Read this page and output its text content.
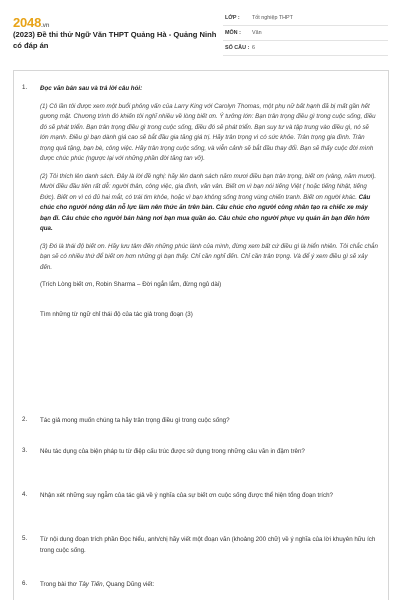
2048.vn
(2023) Đề thi thử Ngữ Văn THPT Quảng Hà - Quảng Ninh có đáp án
LỚP : Tốt nghiệp THPT
MÔN : Văn
SỐ CÂU : 6
1. Đọc văn bản sau và trả lời câu hỏi:
(1) Cô lần tôi được xem một buổi phỏng vấn của Larry King với Carolyn Thomas, một phụ nữ bất hạnh đã bị mất gần hết gương mặt. Chương trình đó khiến tôi nghĩ nhiều về lòng biết ơn. Ý tưởng lớn: Bạn trân trọng điều gì trong cuộc sống, điều đó sẽ phát triển. Bạn trân trọng điều gì trong cuộc sống, điều đó sẽ phát triển. Bạn suy tư và tập trung vào điều gì, nó sẽ lớn mạnh. Điều gì bạn dành giá cao sẽ bắt đầu gia tăng giá trị. Hãy trân trọng vì có sức khỏe. Trân trọng gia đình. Trân trọng quả tặng, bạn bè, công việc. Hãy trân trọng cuộc sống, và viễn cảnh sẽ bắt đầu thay đổi. Bạn sẽ thấy cuộc đời mình được chúc phúc (ngược lại với những phần đời tăng tan vỡ).
(2) Tôi thích lên danh sách. Đây là lời đề nghị: hãy lên danh sách năm mươi điều bạn trân trọng, biết ơn (vâng, năm mươi). Mười điều đầu tiên rất dễ: người thân, công việc, gia đình, văn vân. Biết ơn vì bạn nói tiếng Việt ( hoặc tiếng Nhật, tiếng Đức). Biết ơn vì có đủ hai mắt, có trái tim khỏe, hoặc vì bạn không sống trong vùng chiến tranh. Biết ơn người khác. Câu chúc cho người nông dân nỗ lực làm nên thức ăn trên bàn. Câu chúc cho người công nhân tạo ra chiếc xe máy bạn đi. Câu chúc cho người bán hàng nơi bạn mua quần áo. Câu chúc cho người phục vụ quán ăn bạn đến hôm qua.
(3) Đó là thái độ biết ơn. Hãy lưu tâm đến những phúc lành của mình, đừng xem bất cứ điều gì là hiển nhiên. Tôi chắc chắn bạn sẽ có nhiều thứ để biết ơn hơn những gì bạn thấy. Chỉ cần nghĩ đến. Chỉ cần trân trọng. Và để ý xem điều gì sẽ xảy đến.
(Trích Lòng biết ơn, Robin Sharma – Đời ngắn lắm, đừng ngủ dài)
Tìm những từ ngữ chỉ thái độ của tác giả trong đoạn (3)
2. Tác giả mong muốn chúng ta hãy trân trọng điều gì trong cuộc sống?
3. Nêu tác dụng của biện pháp tu từ điệp cấu trúc được sử dụng trong những câu văn in đậm trên?
4. Nhận xét những suy ngẫm của tác giả về ý nghĩa của sự biết ơn cuộc sống được thể hiện tổng đoạn trích?
5. Từ nội dung đoạn trích phần Đọc hiểu, anh/chị hãy viết một đoạn văn (khoảng 200 chữ) về ý nghĩa của lời khuyên hữu ích trong cuộc sống.
6. Trong bài thơ Tây Tiến, Quang Dũng viết:
